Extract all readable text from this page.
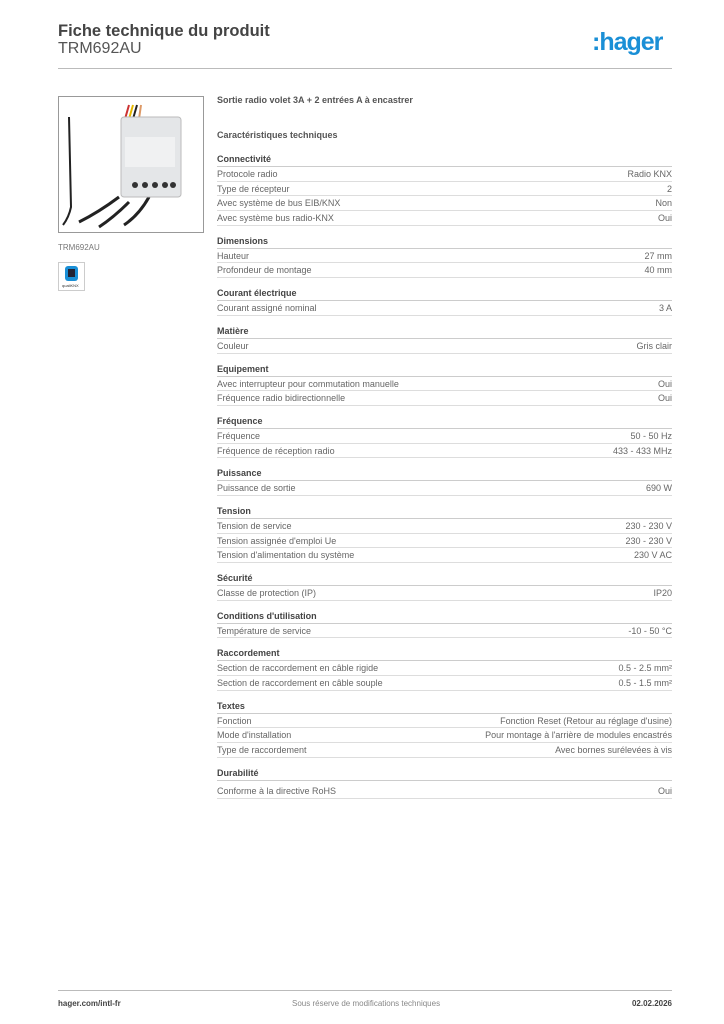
Fiche technique du produit
TRM692AU	:hager
TRM692AU
qualiKNX
Sortie radio volet 3A + 2 entrées A à encastrer
Caractéristiques techniques
Connectivité
Protocole radio	Radio KNX
Type de récepteur	2
Avec système de bus EIB/KNX	Non
Avec système bus radio-KNX	Oui
Dimensions
Hauteur	27 mm
Profondeur de montage	40 mm
Courant électrique
Courant assigné nominal	3 A
Matière
Couleur	Gris clair
Equipement
Avec interrupteur pour commutation manuelle	Oui
Fréquence radio bidirectionnelle	Oui
Fréquence
Fréquence	50 - 50 Hz
Fréquence de réception radio	433 - 433 MHz
Puissance
Puissance de sortie	690 W
Tension
Tension de service	230 - 230 V
Tension assignée d'emploi Ue	230 - 230 V
Tension d'alimentation du système	230 V AC
Sécurité
Classe de protection (IP)	IP20
Conditions d'utilisation
Température de service	-10 - 50 °C
Raccordement
Section de raccordement en câble rigide	0.5 - 2.5 mm²
Section de raccordement en câble souple	0.5 - 1.5 mm²
Textes
Fonction	Fonction Reset (Retour au réglage d'usine)
Mode d'installation	Pour montage à l'arrière de modules encastrés
Type de raccordement	Avec bornes surélevées à vis
Durabilité
Conforme à la directive RoHS	Oui
hager.com/intl-fr	Sous réserve de modifications techniques	02.02.2026
